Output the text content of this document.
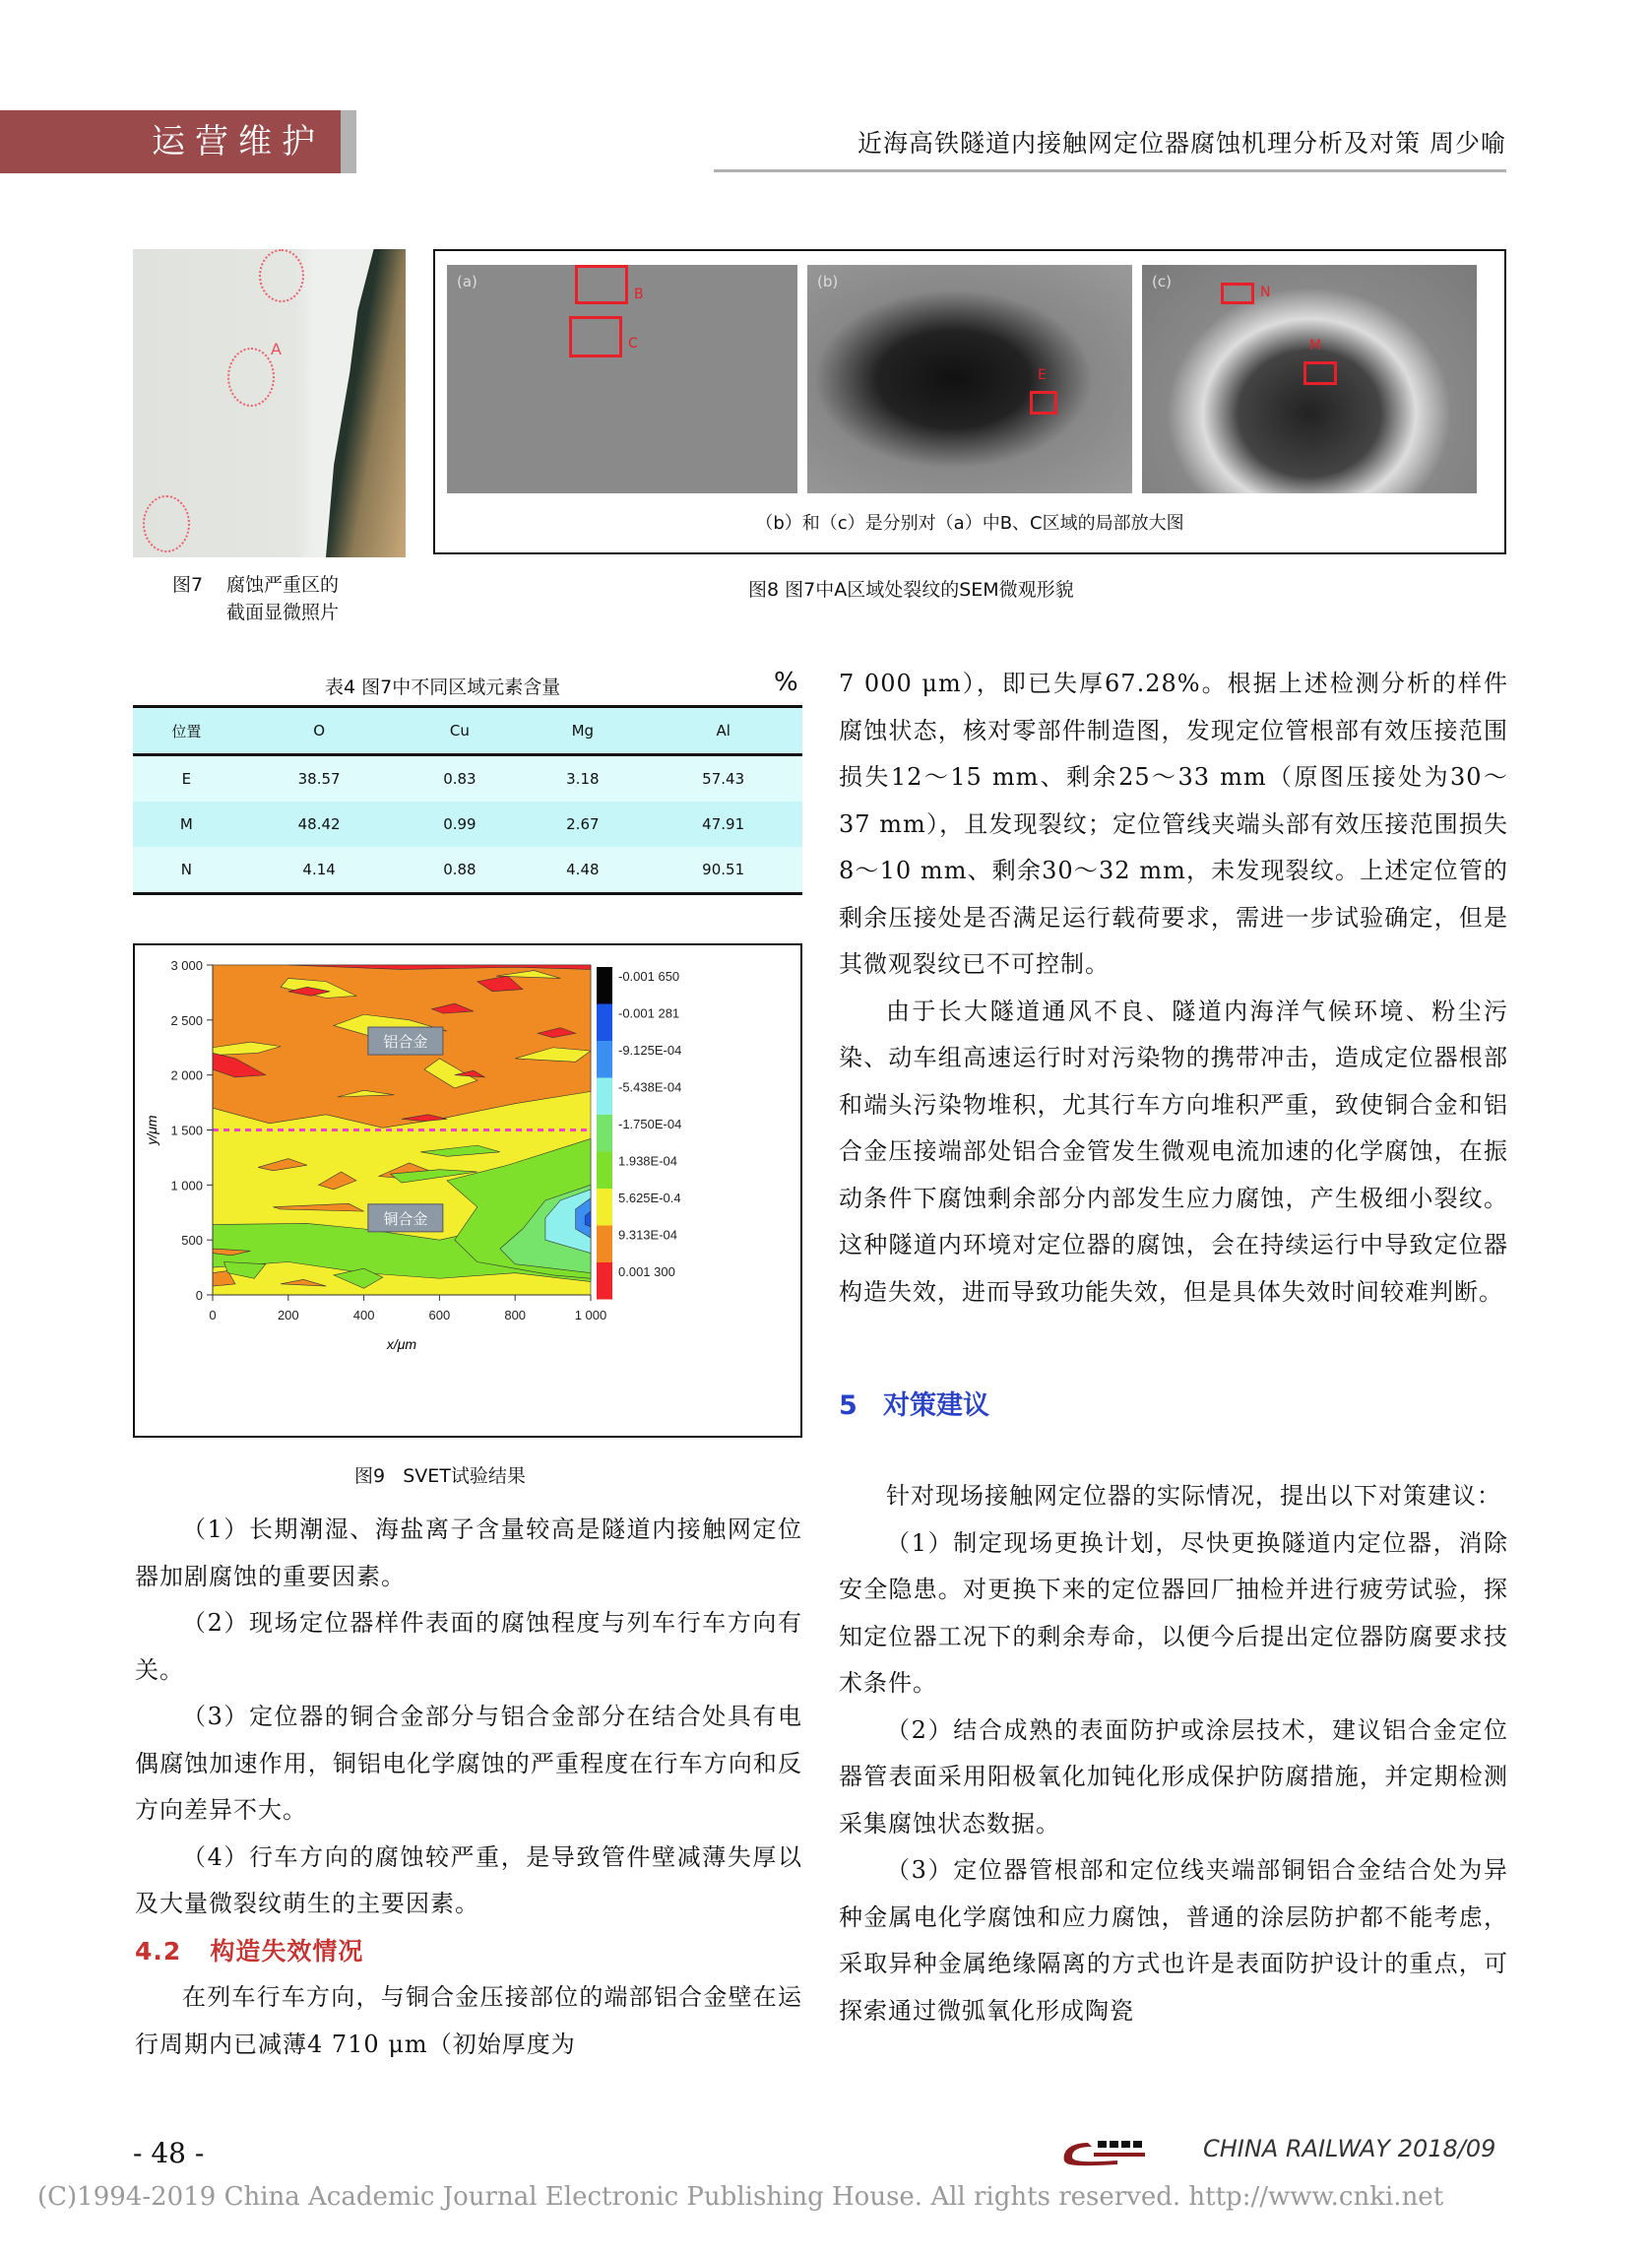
运营维护	近海高铁隧道内接触网定位器腐蚀机理分析及对策 周少喻
A
图7 腐蚀严重区的
截面显微照片
(a)
B
C
(b)
E
(c)
N
M
（b）和（c）是分别对（a）中B、C区域的局部放大图
图8 图7中A区域处裂纹的SEM微观形貌
表4 图7中不同区域元素含量	%
位置	O	Cu	Mg	Al
E	38.57	0.83	3.18	57.43
M	48.42	0.99	2.67	47.91
N	4.14	0.88	4.48	90.51
0	200	400	600	800	1 000
0
500
1 000
1 500
2 000
2 500
3 000
x/μm
y/μm
铝合金
铜合金
-0.001 650
-0.001 281
-9.125E-04
-5.438E-04
-1.750E-04
1.938E-04
5.625E-0.4
9.313E-04
0.001 300
图9 SVET试验结果
（1）长期潮湿、海盐离子含量较高是隧道内接触网定位器加剧腐蚀的重要因素。
（2）现场定位器样件表面的腐蚀程度与列车行车方向有关。
（3）定位器的铜合金部分与铝合金部分在结合处具有电偶腐蚀加速作用，铜铝电化学腐蚀的严重程度在行车方向和反方向差异不大。
（4）行车方向的腐蚀较严重，是导致管件壁减薄失厚以及大量微裂纹萌生的主要因素。
4.2 构造失效情况
在列车行车方向，与铜合金压接部位的端部铝合金壁在运行周期内已减薄4 710 μm（初始厚度为
7 000 μm），即已失厚67.28%。根据上述检测分析的样件腐蚀状态，核对零部件制造图，发现定位管根部有效压接范围损失12～15 mm、剩余25～33 mm（原图压接处为30～37 mm），且发现裂纹；定位管线夹端头部有效压接范围损失8～10 mm、剩余30～32 mm，未发现裂纹。上述定位管的剩余压接处是否满足运行载荷要求，需进一步试验确定，但是其微观裂纹已不可控制。
由于长大隧道通风不良、隧道内海洋气候环境、粉尘污染、动车组高速运行时对污染物的携带冲击，造成定位器根部和端头污染物堆积，尤其行车方向堆积严重，致使铜合金和铝合金压接端部处铝合金管发生微观电流加速的化学腐蚀，在振动条件下腐蚀剩余部分内部发生应力腐蚀，产生极细小裂纹。这种隧道内环境对定位器的腐蚀，会在持续运行中导致定位器构造失效，进而导致功能失效，但是具体失效时间较难判断。
5 对策建议
针对现场接触网定位器的实际情况，提出以下对策建议：
（1）制定现场更换计划，尽快更换隧道内定位器，消除安全隐患。对更换下来的定位器回厂抽检并进行疲劳试验，探知定位器工况下的剩余寿命，以便今后提出定位器防腐要求技术条件。
（2）结合成熟的表面防护或涂层技术，建议铝合金定位器管表面采用阳极氧化加钝化形成保护防腐措施，并定期检测采集腐蚀状态数据。
（3）定位器管根部和定位线夹端部铜铝合金结合处为异种金属电化学腐蚀和应力腐蚀，普通的涂层防护都不能考虑，采取异种金属绝缘隔离的方式也许是表面防护设计的重点，可探索通过微弧氧化形成陶瓷
- 48 -	CHINA RAILWAY 2018/09
(C)1994-2019 China Academic Journal Electronic Publishing House. All rights reserved. http://www.cnki.net
